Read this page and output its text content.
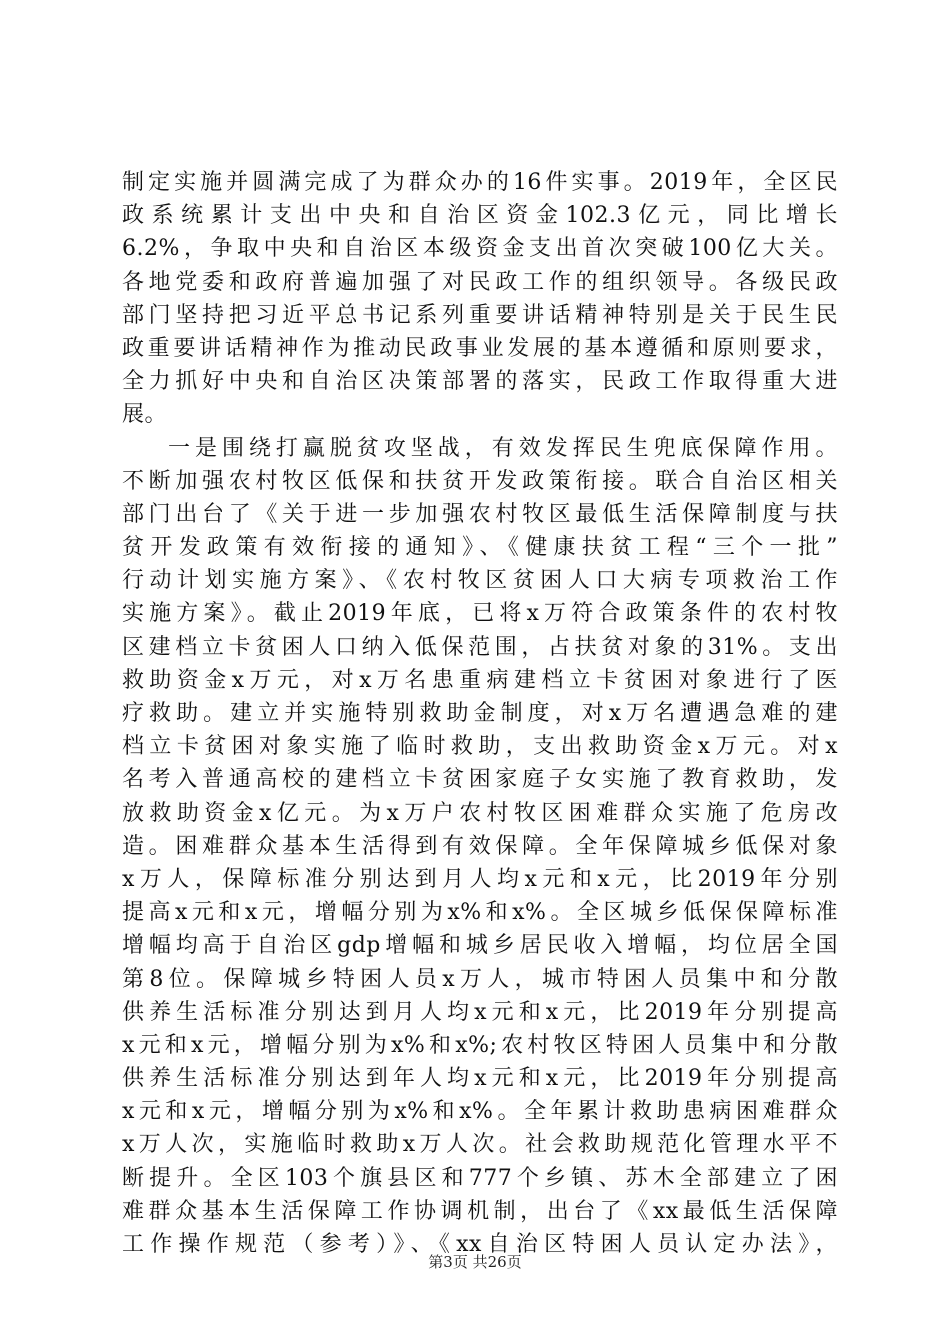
制定实施并圆满完成了为群众办的16件实事。2019年，全区民
政系统累计支出中央和自治区资金102.3亿元，同比增长
6.2%，争取中央和自治区本级资金支出首次突破100亿大关。
各地党委和政府普遍加强了对民政工作的组织领导。各级民政
部门坚持把习近平总书记系列重要讲话精神特别是关于民生民
政重要讲话精神作为推动民政事业发展的基本遵循和原则要求，
全力抓好中央和自治区决策部署的落实，民政工作取得重大进
展。
一是围绕打赢脱贫攻坚战，有效发挥民生兜底保障作用。
不断加强农村牧区低保和扶贫开发政策衔接。联合自治区相关
部门出台了《关于进一步加强农村牧区最低生活保障制度与扶
贫开发政策有效衔接的通知》、《健康扶贫工程“三个一批”
行动计划实施方案》、《农村牧区贫困人口大病专项救治工作
实施方案》。截止2019年底，已将x万符合政策条件的农村牧
区建档立卡贫困人口纳入低保范围，占扶贫对象的31%。支出
救助资金x万元，对x万名患重病建档立卡贫困对象进行了医
疗救助。建立并实施特别救助金制度，对x万名遭遇急难的建
档立卡贫困对象实施了临时救助，支出救助资金x万元。对x
名考入普通高校的建档立卡贫困家庭子女实施了教育救助，发
放救助资金x亿元。为x万户农村牧区困难群众实施了危房改
造。困难群众基本生活得到有效保障。全年保障城乡低保对象
x万人，保障标准分别达到月人均x元和x元，比2019年分别
提高x元和x元，增幅分别为x%和x%。全区城乡低保保障标准
增幅均高于自治区gdp增幅和城乡居民收入增幅，均位居全国
第8位。保障城乡特困人员x万人，城市特困人员集中和分散
供养生活标准分别达到月人均x元和x元，比2019年分别提高
x元和x元，增幅分别为x%和x%;农村牧区特困人员集中和分散
供养生活标准分别达到年人均x元和x元，比2019年分别提高
x元和x元，增幅分别为x%和x%。全年累计救助患病困难群众
x万人次，实施临时救助x万人次。社会救助规范化管理水平不
断提升。全区103个旗县区和777个乡镇、苏木全部建立了困
难群众基本生活保障工作协调机制，出台了《xx最低生活保障
工作操作规范（参考）》、《xx自治区特困人员认定办法》，
第3页 共26页
